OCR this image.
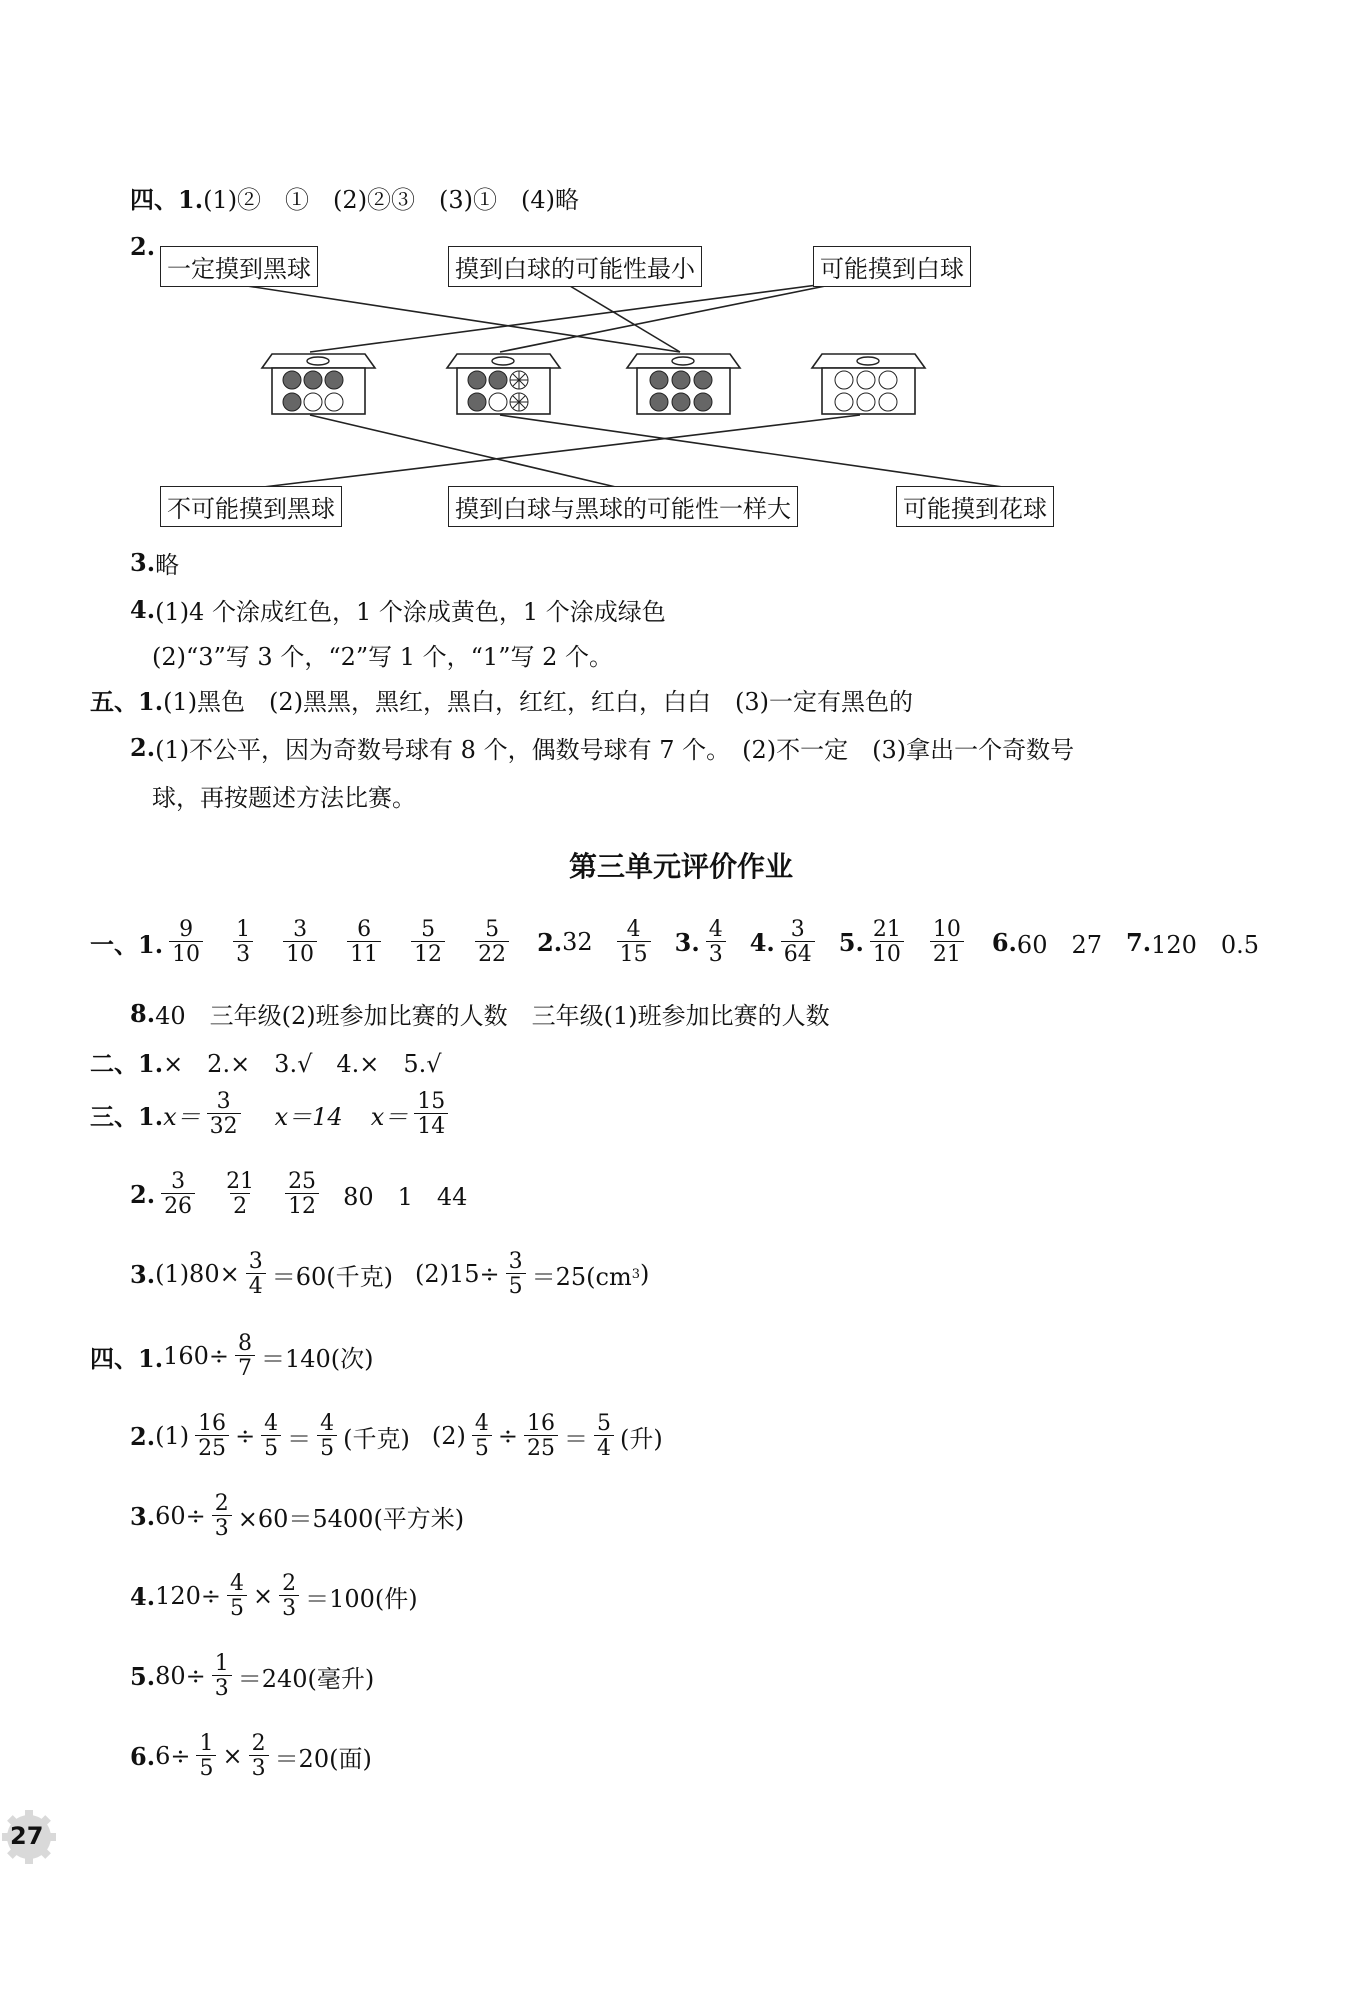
四、1. (1)②　①　(2)②③　(3)①　(4)略
2.
一定摸到黑球	摸到白球的可能性最小	可能摸到白球
不可能摸到黑球	摸到白球与黑球的可能性一样大	可能摸到花球
3. 略
4. (1)4 个涂成红色，1 个涂成黄色，1 个涂成绿色
(2)“3”写 3 个，“2”写 1 个，“1”写 2 个。
五、1. (1)黑色　(2)黑黑，黑红，黑白，红红，红白，白白　(3)一定有黑色的
2. (1)不公平，因为奇数号球有 8 个，偶数号球有 7 个。　(2)不一定　(3)拿出一个奇数号
球，再按题述方法比赛。
第三单元评价作业
一、1. $\frac{9}{10} \frac{1}{3} \frac{3}{10} \frac{6}{11} \frac{5}{12} \frac{5}{22} 2$. $32 \frac{4}{15} 3$. $\frac{4}{3} 4$. $\frac{3}{64} 5$. $\frac{21}{10} \frac{10}{21} 6$. 60　27 7. 120　0.5
8. 40　三年级(2)班参加比赛的人数　三年级(1)班参加比赛的人数
二、1. ×　2.×　3.√　4.×　5.√
三、1. $x= \frac{3}{32} x=14$ $x= \frac{15}{14}$
2. $\frac{3}{26} \frac{21}{2} \frac{25}{12} 80$　1　44
3. $(1)80\times \frac{3}{4} =60$(千克) $(2)15\div \frac{3}{5} =25(cm$ 3 )
四、1. $160\div \frac{8}{7} =140$(次)
2. $(1) \frac{16}{25} \div \frac{4}{5} = \frac{4}{5}$ (千克) $(2) \frac{4}{5} \div \frac{16}{25} = \frac{5}{4}$ (升)
3. $60\div \frac{2}{3} \times 60=5400$(平方米)
4. $120\div \frac{4}{5} \times \frac{2}{3} =100$(件)
5. $80\div \frac{1}{3} =240$(毫升)
6. $6\div \frac{1}{5} \times \frac{2}{3} =20$(面)
27
